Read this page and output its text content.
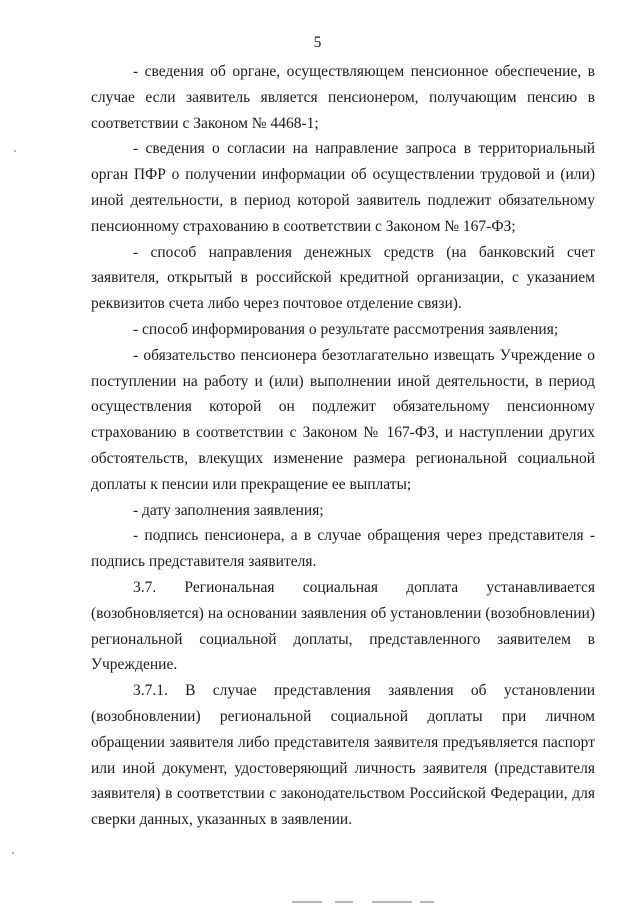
5

- сведения об органе, осуществляющем пенсионное обеспечение, в случае если заявитель является пенсионером, получающим пенсию в соответствии с Законом № 4468-1;

- сведения о согласии на направление запроса в территориальный орган ПФР о получении информации об осуществлении трудовой и (или) иной деятельности, в период которой заявитель подлежит обязательному пенсионному страхованию в соответствии с Законом № 167-ФЗ;

- способ направления денежных средств (на банковский счет заявителя, открытый в российской кредитной организации, с указанием реквизитов счета либо через почтовое отделение связи).

- способ информирования о результате рассмотрения заявления;

- обязательство пенсионера безотлагательно извещать Учреждение о поступлении на работу и (или) выполнении иной деятельности, в период осуществления которой он подлежит обязательному пенсионному страхованию в соответствии с Законом № 167-ФЗ, и наступлении других обстоятельств, влекущих изменение размера региональной социальной доплаты к пенсии или прекращение ее выплаты;

- дату заполнения заявления;

- подпись пенсионера, а в случае обращения через представителя - подпись представителя заявителя.

3.7. Региональная социальная доплата устанавливается (возобновляется) на основании заявления об установлении (возобновлении) региональной социальной доплаты, представленного заявителем в Учреждение.

3.7.1. В случае представления заявления об установлении (возобновлении) региональной социальной доплаты при личном обращении заявителя либо представителя заявителя предъявляется паспорт или иной документ, удостоверяющий личность заявителя (представителя заявителя) в соответствии с законодательством Российской Федерации, для сверки данных, указанных в заявлении.
